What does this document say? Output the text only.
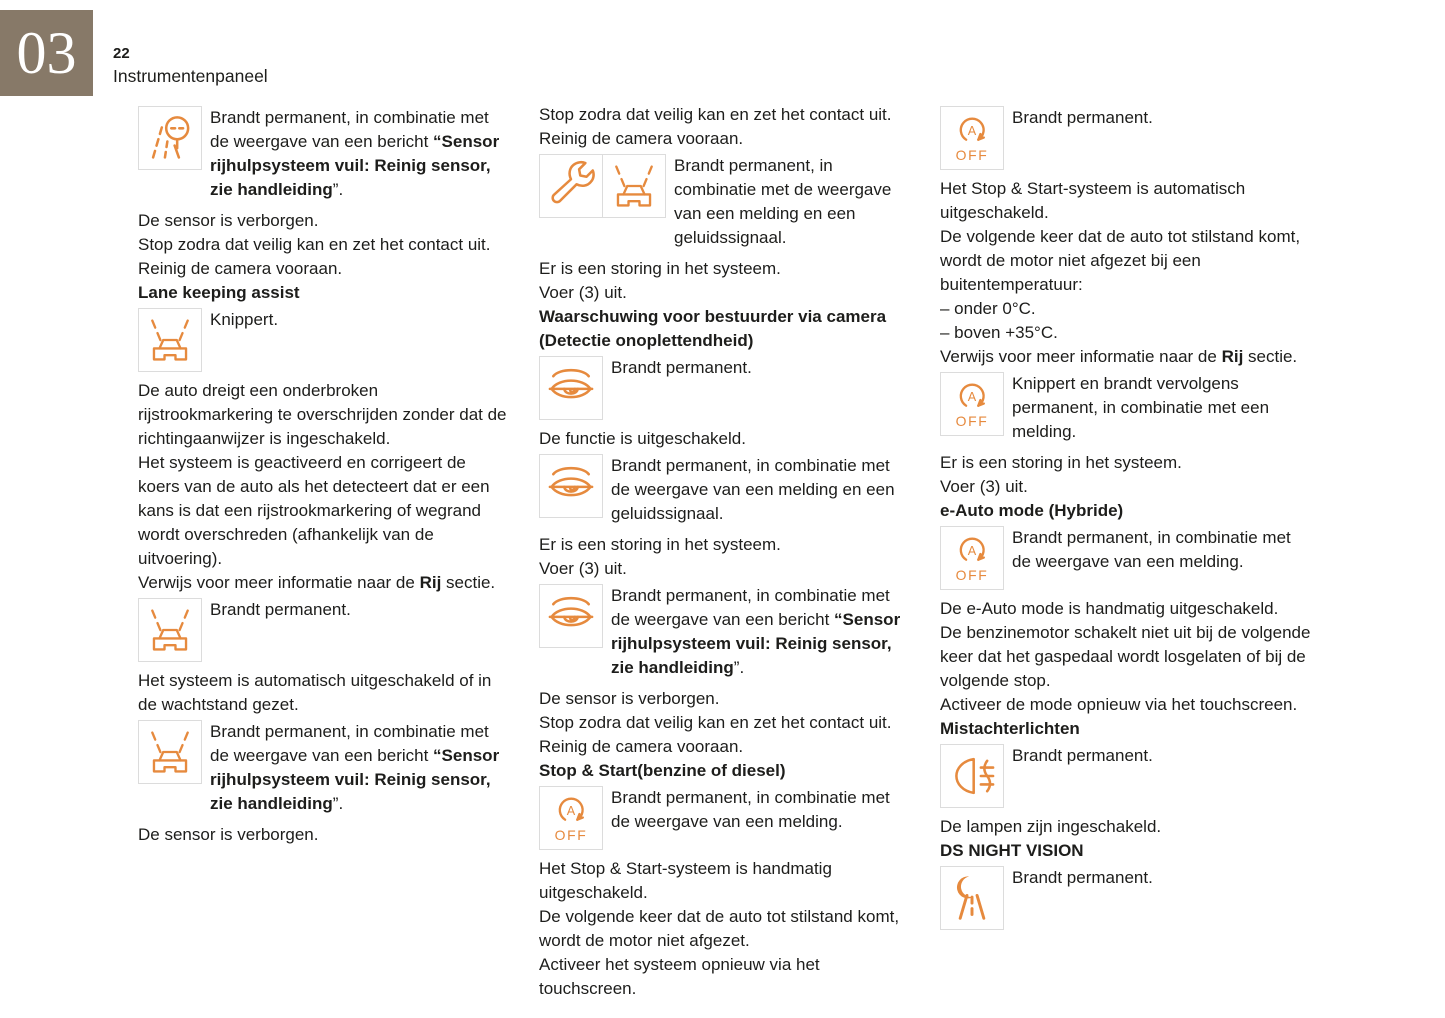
03 22

Instrumentenpaneel

Brandt permanent, in combinatie met de weergave van een bericht “Sensor rijhulpsysteem vuil: Reinig sensor, zie handleiding”.

De sensor is verborgen.

Stop zodra dat veilig kan en zet het contact uit.

Reinig de camera vooraan.

Lane keeping assist

Knippert.

De auto dreigt een onderbroken rijstrookmarkering te overschrijden zonder dat de richtingaanwijzer is ingeschakeld.

Het systeem is geactiveerd en corrigeert de koers van de auto als het detecteert dat er een kans is dat een rijstrookmarkering of wegrand wordt overschreden (afhankelijk van de uitvoering).

Verwijs voor meer informatie naar de Rij sectie.

Brandt permanent.

Het systeem is automatisch uitgeschakeld of in de wachtstand gezet.

Brandt permanent, in combinatie met de weergave van een bericht “Sensor rijhulpsysteem vuil: Reinig sensor, zie handleiding”.

De sensor is verborgen.

Stop zodra dat veilig kan en zet het contact uit.

Reinig de camera vooraan.

Brandt permanent, in combinatie met de weergave van een melding en een geluidssignaal.

Er is een storing in het systeem.

Voer (3) uit.

Waarschuwing voor bestuurder via camera (Detectie onoplettendheid)

Brandt permanent.

De functie is uitgeschakeld.

Brandt permanent, in combinatie met de weergave van een melding en een geluidssignaal.

Er is een storing in het systeem.

Voer (3) uit.

Brandt permanent, in combinatie met de weergave van een bericht “Sensor rijhulpsysteem vuil: Reinig sensor, zie handleiding”.

De sensor is verborgen.

Stop zodra dat veilig kan en zet het contact uit.

Reinig de camera vooraan.

Stop & Start(benzine of diesel)

A
OFF

Brandt permanent, in combinatie met de weergave van een melding.

Het Stop & Start-systeem is handmatig uitgeschakeld.

De volgende keer dat de auto tot stilstand komt, wordt de motor niet afgezet.

Activeer het systeem opnieuw via het touchscreen.

A
OFF

Brandt permanent.

Het Stop & Start-systeem is automatisch uitgeschakeld.

De volgende keer dat de auto tot stilstand komt, wordt de motor niet afgezet bij een buitentemperatuur:

– onder 0°C.

– boven +35°C.

Verwijs voor meer informatie naar de Rij sectie.

A
OFF

Knippert en brandt vervolgens permanent, in combinatie met een melding.

Er is een storing in het systeem.

Voer (3) uit.

e-Auto mode (Hybride)

A
OFF

Brandt permanent, in combinatie met de weergave van een melding.

De e-Auto mode is handmatig uitgeschakeld.

De benzinemotor schakelt niet uit bij de volgende keer dat het gaspedaal wordt losgelaten of bij de volgende stop.

Activeer de mode opnieuw via het touchscreen.

Mistachterlichten

Brandt permanent.

De lampen zijn ingeschakeld.

DS NIGHT VISION

Brandt permanent.
